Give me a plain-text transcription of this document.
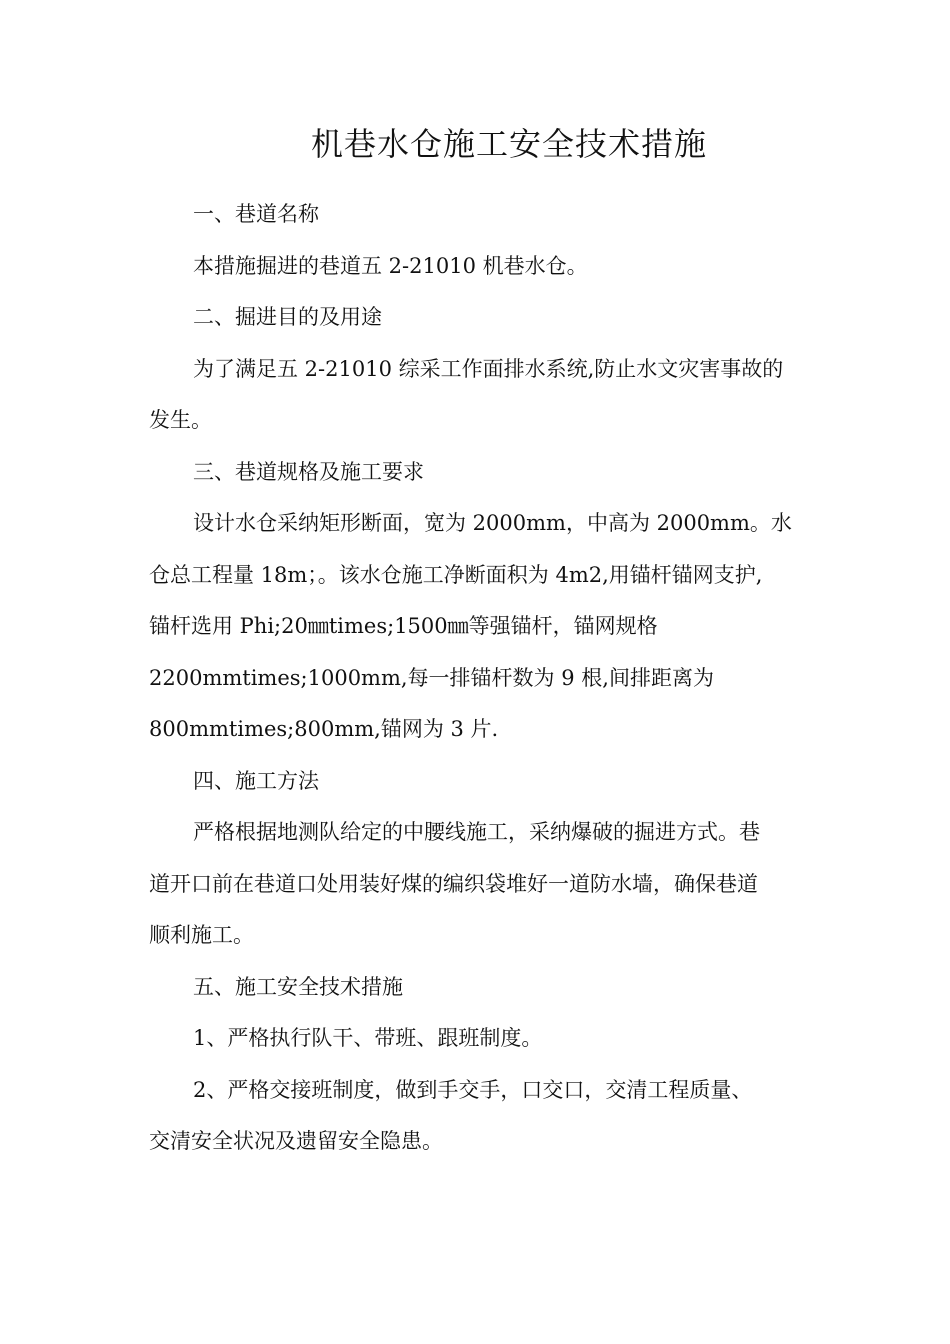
机巷水仓施工安全技术措施
一、巷道名称
本措施掘进的巷道五 2-21010 机巷水仓。
二、掘进目的及用途
为了满足五 2-21010 综采工作面排水系统,防止水文灾害事故的
发生。
三、巷道规格及施工要求
设计水仓采纳矩形断面，宽为 2000mm，中高为 2000mm。水
仓总工程量 18m；。该水仓施工净断面积为 4m2,用锚杆锚网支护,
锚杆选用 Phi;20㎜times;1500㎜等强锚杆，锚网规格
2200mmtimes;1000mm,每一排锚杆数为 9 根,间排距离为
800mmtimes;800mm,锚网为 3 片.
四、施工方法
严格根据地测队给定的中腰线施工，采纳爆破的掘进方式。巷
道开口前在巷道口处用装好煤的编织袋堆好一道防水墙，确保巷道
顺利施工。
五、施工安全技术措施
1、严格执行队干、带班、跟班制度。
2、严格交接班制度，做到手交手，口交口，交清工程质量、
交清安全状况及遗留安全隐患。
